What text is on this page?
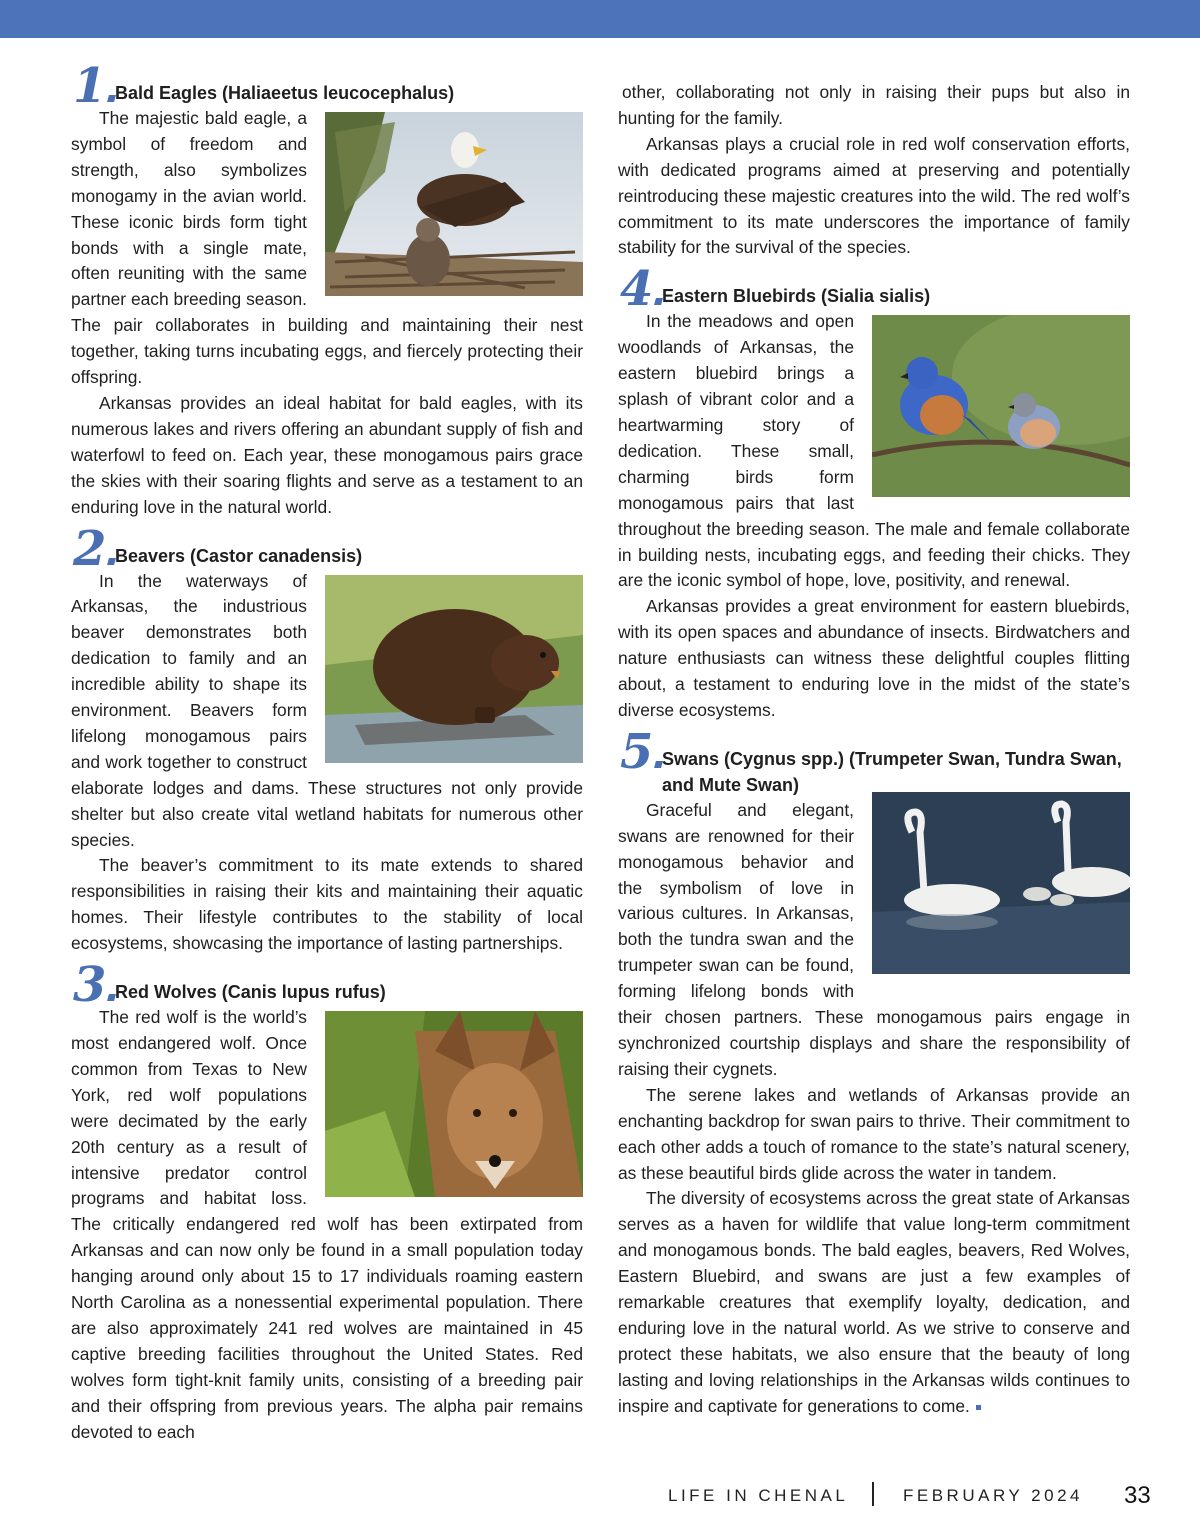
1 Bald Eagles (Haliaeetus leucocephalus)

The majestic bald eagle, a symbol of freedom and strength, also symbolizes monogamy in the avian world. These iconic birds form tight bonds with a single mate, often reuniting with the same partner each breeding season. The pair collaborates in building and maintaining their nest together, taking turns incubating eggs, and fiercely protecting their offspring.

Arkansas provides an ideal habitat for bald eagles, with its numerous lakes and rivers offering an abundant supply of fish and waterfowl to feed on. Each year, these monogamous pairs grace the skies with their soaring flights and serve as a testament to an enduring love in the natural world.

2 Beavers (Castor canadensis)

In the waterways of Arkansas, the industrious beaver demonstrates both dedication to family and an incredible ability to shape its environment. Beavers form lifelong monogamous pairs and work together to construct elaborate lodges and dams. These structures not only provide shelter but also create vital wetland habitats for numerous other species.

The beaver’s commitment to its mate extends to shared responsibilities in raising their kits and maintaining their aquatic homes. Their lifestyle contributes to the stability of local ecosystems, showcasing the importance of lasting partnerships.

3 Red Wolves (Canis lupus rufus)

The red wolf is the world’s most endangered wolf. Once common from Texas to New York, red wolf populations were decimated by the early 20th century as a result of intensive predator control programs and habitat loss. The critically endangered red wolf has been extirpated from Arkansas and can now only be found in a small population today hanging around only about 15 to 17 individuals roaming eastern North Carolina as a nonessential experimental population. There are also approximately 241 red wolves are maintained in 45 captive breeding facilities throughout the United States. Red wolves form tight-knit family units, consisting of a breeding pair and their offspring from previous years. The alpha pair remains devoted to each

other, collaborating not only in raising their pups but also in hunting for the family.

Arkansas plays a crucial role in red wolf conservation efforts, with dedicated programs aimed at preserving and potentially reintroducing these majestic creatures into the wild. The red wolf’s commitment to its mate underscores the importance of family stability for the survival of the species.

4 Eastern Bluebirds (Sialia sialis)

In the meadows and open woodlands of Arkansas, the eastern bluebird brings a splash of vibrant color and a heartwarming story of dedication. These small, charming birds form monogamous pairs that last throughout the breeding season. The male and female collaborate in building nests, incubating eggs, and feeding their chicks. They are the iconic symbol of hope, love, positivity, and renewal.

Arkansas provides a great environment for eastern bluebirds, with its open spaces and abundance of insects. Birdwatchers and nature enthusiasts can witness these delightful couples flitting about, a testament to enduring love in the midst of the state’s diverse ecosystems.

5 Swans (Cygnus spp.) (Trumpeter Swan, Tundra Swan, and Mute Swan)

Graceful and elegant, swans are renowned for their monogamous behavior and the symbolism of love in various cultures. In Arkansas, both the tundra swan and the trumpeter swan can be found, forming lifelong bonds with their chosen partners. These monogamous pairs engage in synchronized courtship displays and share the responsibility of raising their cygnets.

The serene lakes and wetlands of Arkansas provide an enchanting backdrop for swan pairs to thrive. Their commitment to each other adds a touch of romance to the state’s natural scenery, as these beautiful birds glide across the water in tandem.

The diversity of ecosystems across the great state of Arkansas serves as a haven for wildlife that value long-term commitment and monogamous bonds. The bald eagles, beavers, Red Wolves, Eastern Bluebird, and swans are just a few examples of remarkable creatures that exemplify loyalty, dedication, and enduring love in the natural world. As we strive to conserve and protect these habitats, we also ensure that the beauty of long lasting and loving relationships in the Arkansas wilds continues to inspire and captivate for generations to come.

LIFE IN CHENAL	FEBRUARY 2024 33
